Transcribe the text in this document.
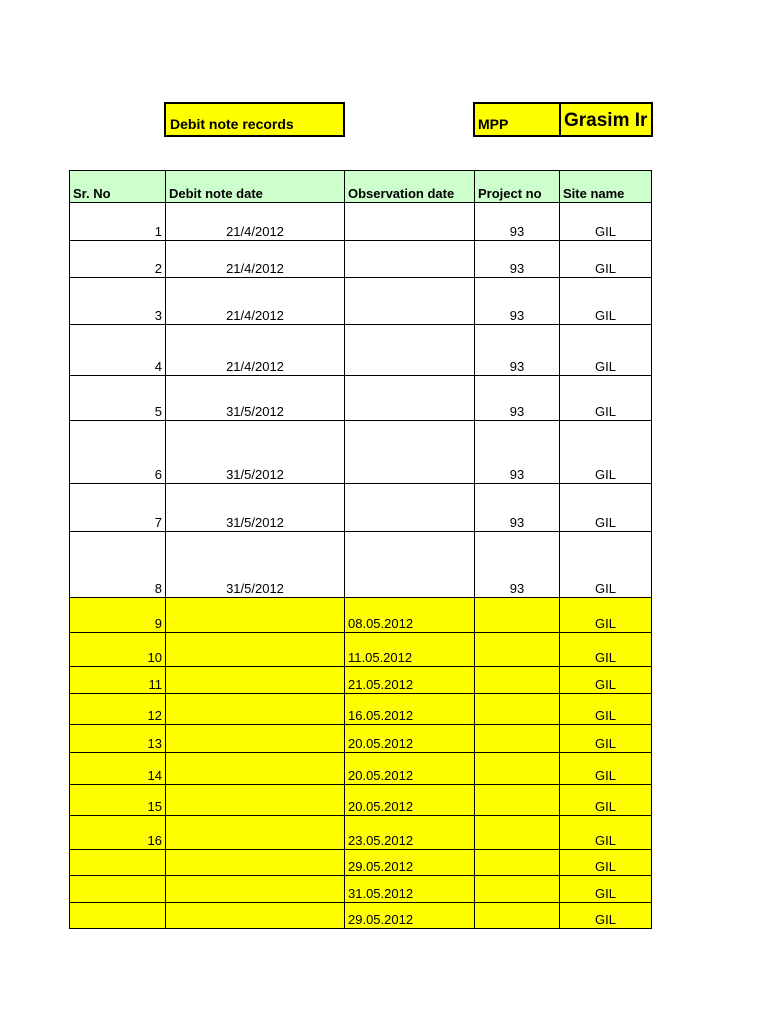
Debit note records	MPP	Grasim Ir
Sr. No	Debit note date	Observation date	Project no	Site name
1	21/4/2012		93	GIL
2	21/4/2012		93	GIL
3	21/4/2012		93	GIL
4	21/4/2012		93	GIL
5	31/5/2012		93	GIL
6	31/5/2012		93	GIL
7	31/5/2012		93	GIL
8	31/5/2012		93	GIL
9		08.05.2012		GIL
10		11.05.2012		GIL
11		21.05.2012		GIL
12		16.05.2012		GIL
13		20.05.2012		GIL
14		20.05.2012		GIL
15		20.05.2012		GIL
16		23.05.2012		GIL
		29.05.2012		GIL
		31.05.2012		GIL
		29.05.2012		GIL
